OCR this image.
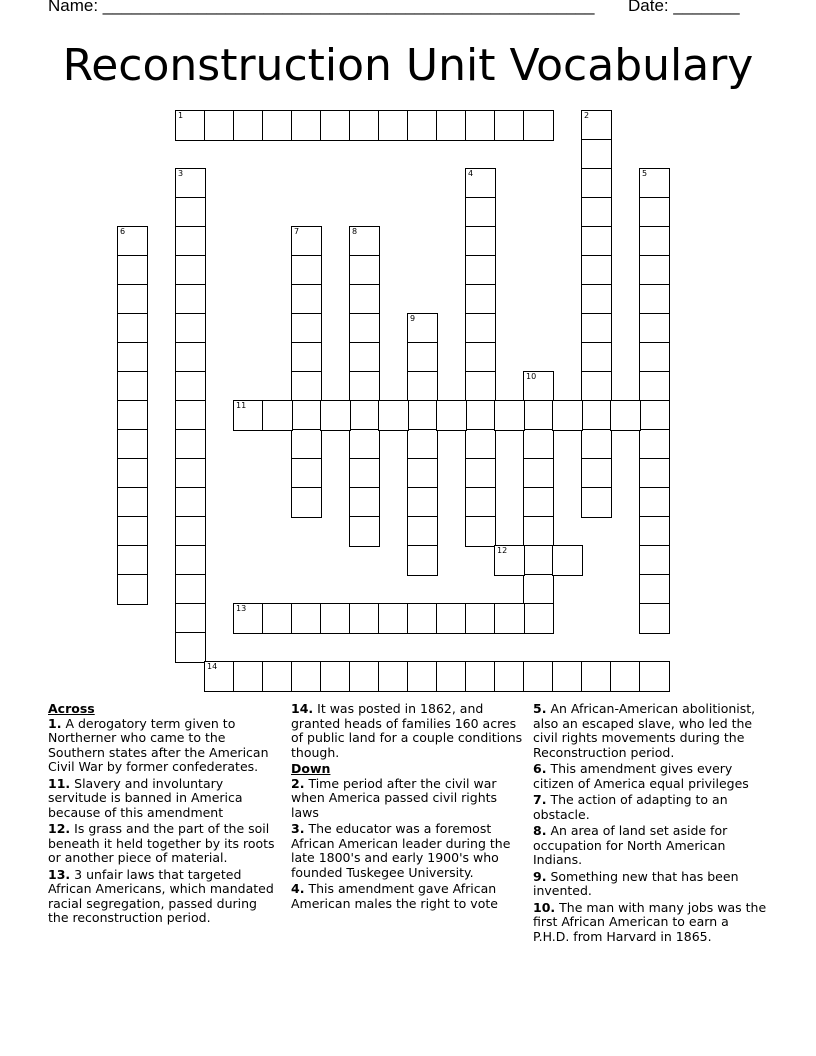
Name: ____________________________________________________ Date: _______
Reconstruction Unit Vocabulary
1	2
3	4	5
6	7	8
9
10
11
12
13
14
Across

1. A derogatory term given to Northerner who came to the Southern states after the American Civil War by former confederates.

11. Slavery and involuntary servitude is banned in America because of this amendment

12. Is grass and the part of the soil beneath it held together by its roots or another piece of material.

13. 3 unfair laws that targeted African Americans, which mandated racial segregation, passed during the reconstruction period.

14. It was posted in 1862, and granted heads of families 160 acres of public land for a couple conditions though.

Down

2. Time period after the civil war when America passed civil rights laws

3. The educator was a foremost African American leader during the late 1800's and early 1900's who founded Tuskegee University.

4. This amendment gave African American males the right to vote

5. An African-American abolitionist, also an escaped slave, who led the civil rights movements during the Reconstruction period.

6. This amendment gives every citizen of America equal privileges

7. The action of adapting to an obstacle.

8. An area of land set aside for occupation for North American Indians.

9. Something new that has been invented.

10. The man with many jobs was the first African American to earn a P.H.D. from Harvard in 1865.
